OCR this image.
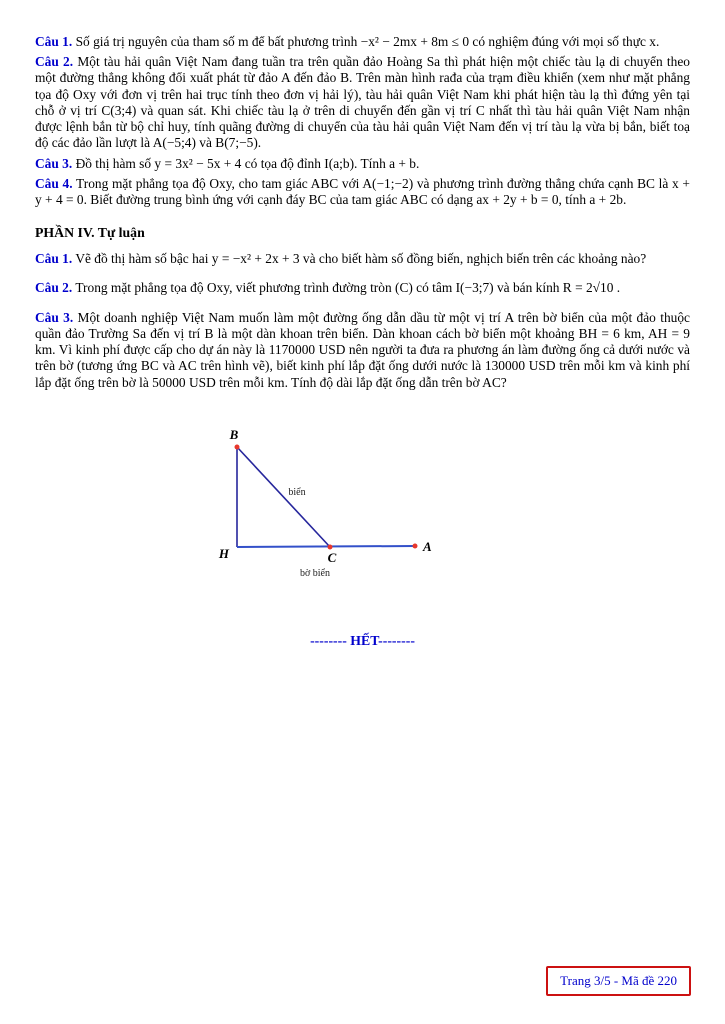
Câu 1. Số giá trị nguyên của tham số m để bất phương trình −x² − 2mx + 8m ≤ 0 có nghiệm đúng với mọi số thực x.

Câu 2. Một tàu hải quân Việt Nam đang tuần tra trên quần đảo Hoàng Sa thì phát hiện một chiếc tàu lạ di chuyển theo một đường thẳng không đổi xuất phát từ đảo A đến đảo B. Trên màn hình rađa của trạm điều khiển (xem như mặt phẳng tọa độ Oxy với đơn vị trên hai trục tính theo đơn vị hải lý), tàu hải quân Việt Nam khi phát hiện tàu lạ thì đứng yên tại chỗ ở vị trí C(3;4) và quan sát. Khi chiếc tàu lạ ở trên di chuyển đến gần vị trí C nhất thì tàu hải quân Việt Nam nhận được lệnh bắn từ bộ chỉ huy, tính quãng đường di chuyển của tàu hải quân Việt Nam đến vị trí tàu lạ vừa bị bắn, biết toạ độ các đảo lần lượt là A(−5;4) và B(7;−5).

Câu 3. Đồ thị hàm số y = 3x² − 5x + 4 có tọa độ đỉnh I(a;b). Tính a + b.

Câu 4. Trong mặt phẳng tọa độ Oxy, cho tam giác ABC với A(−1;−2) và phương trình đường thẳng chứa cạnh BC là x + y + 4 = 0. Biết đường trung bình ứng với cạnh đáy BC của tam giác ABC có dạng ax + 2y + b = 0, tính a + 2b.

PHẦN IV. Tự luận

Câu 1. Vẽ đồ thị hàm số bậc hai y = −x² + 2x + 3 và cho biết hàm số đồng biến, nghịch biến trên các khoảng nào?

Câu 2. Trong mặt phẳng tọa độ Oxy, viết phương trình đường tròn (C) có tâm I(−3;7) và bán kính R = 2√10 .

Câu 3. Một doanh nghiệp Việt Nam muốn làm một đường ống dẫn dầu từ một vị trí A trên bờ biển của một đảo thuộc quần đảo Trường Sa đến vị trí B là một dàn khoan trên biển. Dàn khoan cách bờ biển một khoảng BH = 6 km, AH = 9 km. Vì kinh phí được cấp cho dự án này là 1170000 USD nên người ta đưa ra phương án làm đường ống cả dưới nước và trên bờ (tương ứng BC và AC trên hình vẽ), biết kinh phí lắp đặt ống dưới nước là 130000 USD trên mỗi km và kinh phí lắp đặt ống trên bờ là 50000 USD trên mỗi km. Tính độ dài lắp đặt ống dẫn trên bờ AC?

B
H	C
A
biển
bờ biển

-------- HẾT--------

Trang 3/5 - Mã đề 220
